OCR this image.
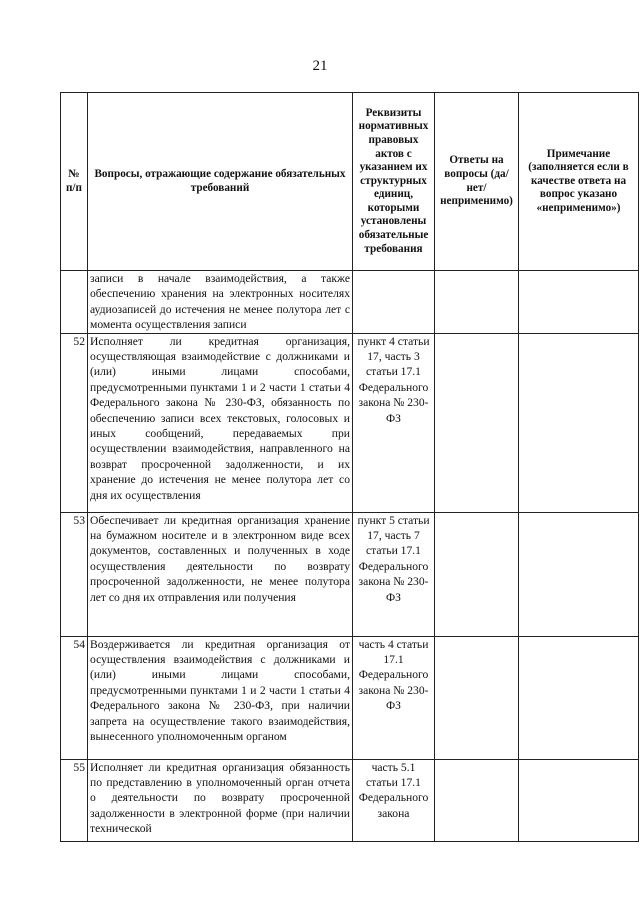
21
№ п/п	Вопросы, отражающие содержание обязательных требований	Реквизиты нормативных правовых актов с указанием их структурных единиц, которыми установлены обязательные требования	Ответы на вопросы (да/нет/ неприменимо)	Примечание (заполняется если в качестве ответа на вопрос указано «неприменимо»)
	записи в начале взаимодействия, а также обеспечению хранения на электронных носителях аудиозаписей до истечения не менее полутора лет с момента осуществления записи			
52	Исполняет ли кредитная организация, осуществляющая взаимодействие с должниками и (или) иными лицами способами, предусмотренными пунктами 1 и 2 части 1 статьи 4 Федерального закона № 230-ФЗ, обязанность по обеспечению записи всех текстовых, голосовых и иных сообщений, передаваемых при осуществлении взаимодействия, направленного на возврат просроченной задолженности, и их хранение до истечения не менее полутора лет со дня их осуществления	пункт 4 статьи 17, часть 3 статьи 17.1 Федерального закона № 230-ФЗ		
53	Обеспечивает ли кредитная организация хранение на бумажном носителе и в электронном виде всех документов, составленных и полученных в ходе осуществления деятельности по возврату просроченной задолженности, не менее полутора лет со дня их отправления или получения	пункт 5 статьи 17, часть 7 статьи 17.1 Федерального закона № 230-ФЗ		
54	Воздерживается ли кредитная организация от осуществления взаимодействия с должниками и (или) иными лицами способами, предусмотренными пунктами 1 и 2 части 1 статьи 4 Федерального закона № 230-ФЗ, при наличии запрета на осуществление такого взаимодействия, вынесенного уполномоченным органом	часть 4 статьи 17.1 Федерального закона № 230-ФЗ		
55	Исполняет ли кредитная организация обязанность по представлению в уполномоченный орган отчета о деятельности по возврату просроченной задолженности в электронной форме (при наличии технической	часть 5.1 статьи 17.1 Федерального закона		
